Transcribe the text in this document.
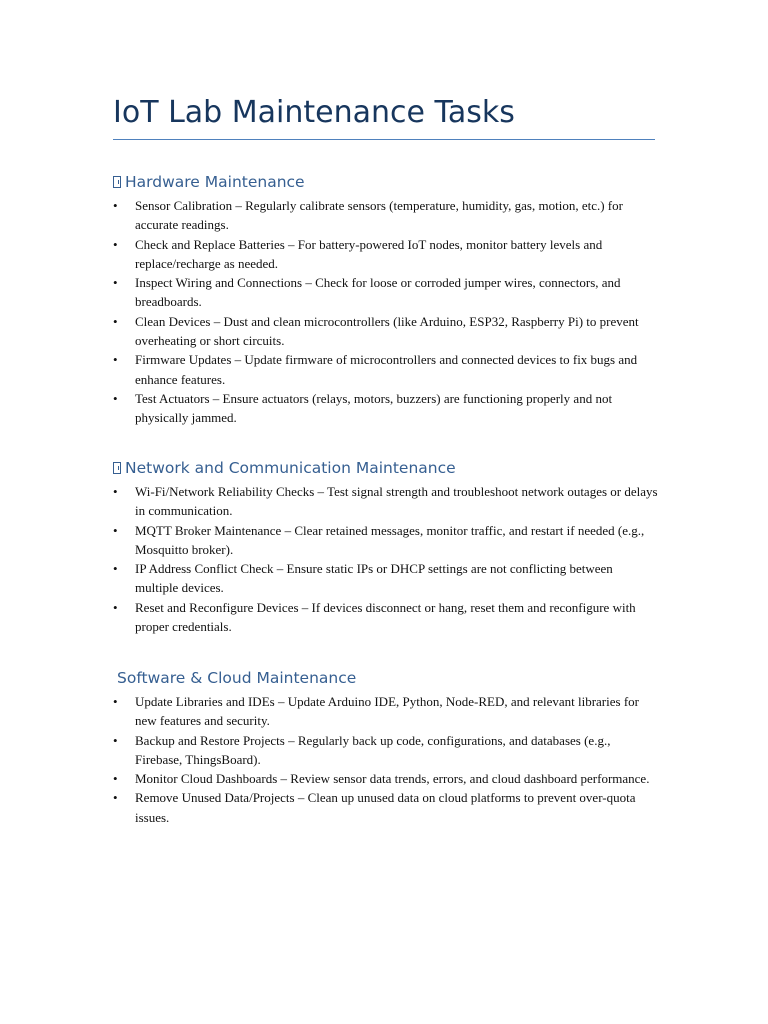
IoT Lab Maintenance Tasks
Hardware Maintenance
• Sensor Calibration – Regularly calibrate sensors (temperature, humidity, gas, motion, etc.) for accurate readings.
• Check and Replace Batteries – For battery-powered IoT nodes, monitor battery levels and replace/recharge as needed.
• Inspect Wiring and Connections – Check for loose or corroded jumper wires, connectors, and breadboards.
• Clean Devices – Dust and clean microcontrollers (like Arduino, ESP32, Raspberry Pi) to prevent overheating or short circuits.
• Firmware Updates – Update firmware of microcontrollers and connected devices to fix bugs and enhance features.
• Test Actuators – Ensure actuators (relays, motors, buzzers) are functioning properly and not physically jammed.
Network and Communication Maintenance
• Wi-Fi/Network Reliability Checks – Test signal strength and troubleshoot network outages or delays in communication.
• MQTT Broker Maintenance – Clear retained messages, monitor traffic, and restart if needed (e.g., Mosquitto broker).
• IP Address Conflict Check – Ensure static IPs or DHCP settings are not conflicting between multiple devices.
• Reset and Reconfigure Devices – If devices disconnect or hang, reset them and reconfigure with proper credentials.
Software & Cloud Maintenance
• Update Libraries and IDEs – Update Arduino IDE, Python, Node-RED, and relevant libraries for new features and security.
• Backup and Restore Projects – Regularly back up code, configurations, and databases (e.g., Firebase, ThingsBoard).
• Monitor Cloud Dashboards – Review sensor data trends, errors, and cloud dashboard performance.
• Remove Unused Data/Projects – Clean up unused data on cloud platforms to prevent over-quota issues.
